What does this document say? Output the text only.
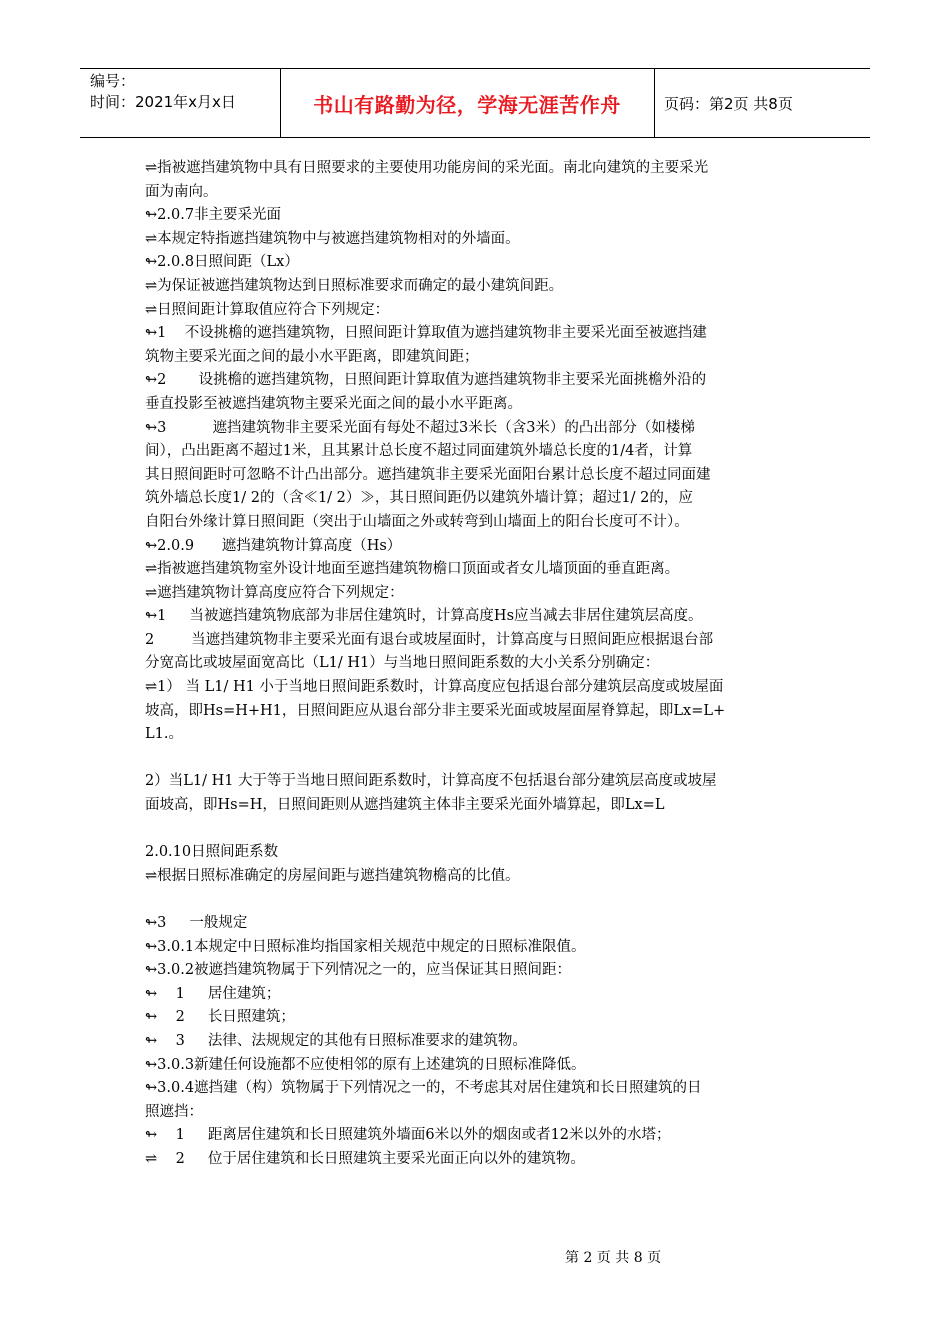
编号：
时间：2021年x月x日	书山有路勤为径，学海无涯苦作舟	页码：第2页 共8页
⇌指被遮挡建筑物中具有日照要求的主要使用功能房间的采光面。南北向建筑的主要采光
面为南向。
↬2.0.7非主要采光面
⇌本规定特指遮挡建筑物中与被遮挡建筑物相对的外墙面。
↬2.0.8日照间距（Lx）
⇌为保证被遮挡建筑物达到日照标准要求而确定的最小建筑间距。
⇌日照间距计算取值应符合下列规定：
↬1    不设挑檐的遮挡建筑物，日照间距计算取值为遮挡建筑物非主要采光面至被遮挡建
筑物主要采光面之间的最小水平距离，即建筑间距；
↬2       设挑檐的遮挡建筑物，日照间距计算取值为遮挡建筑物非主要采光面挑檐外沿的
垂直投影至被遮挡建筑物主要采光面之间的最小水平距离。
↬3          遮挡建筑物非主要采光面有每处不超过3米长（含3米）的凸出部分（如楼梯
间），凸出距离不超过1米，且其累计总长度不超过同面建筑外墙总长度的1/4者，计算
其日照间距时可忽略不计凸出部分。遮挡建筑非主要采光面阳台累计总长度不超过同面建
筑外墙总长度1/ 2的（含≪1/ 2）≫，其日照间距仍以建筑外墙计算；超过1/ 2的，应
自阳台外缘计算日照间距（突出于山墙面之外或转弯到山墙面上的阳台长度可不计）。
↬2.0.9      遮挡建筑物计算高度（Hs）
⇌指被遮挡建筑物室外设计地面至遮挡建筑物檐口顶面或者女儿墙顶面的垂直距离。
⇌遮挡建筑物计算高度应符合下列规定：
↬1     当被遮挡建筑物底部为非居住建筑时，计算高度Hs应当减去非居住建筑层高度。
2        当遮挡建筑物非主要采光面有退台或坡屋面时，计算高度与日照间距应根据退台部
分宽高比或坡屋面宽高比（L1/ H1）与当地日照间距系数的大小关系分别确定：
⇌1） 当 L1/ H1 小于当地日照间距系数时，计算高度应包括退台部分建筑层高度或坡屋面
坡高，即Hs=H+H1，日照间距应从退台部分非主要采光面或坡屋面屋脊算起，即Lx=L+
L1.。
2）当L1/ H1 大于等于当地日照间距系数时，计算高度不包括退台部分建筑层高度或坡屋
面坡高，即Hs=H，日照间距则从遮挡建筑主体非主要采光面外墙算起，即Lx=L
2.0.10日照间距系数
⇌根据日照标准确定的房屋间距与遮挡建筑物檐高的比值。
↬3     一般规定
↬3.0.1本规定中日照标准均指国家相关规范中规定的日照标准限值。
↬3.0.2被遮挡建筑物属于下列情况之一的，应当保证其日照间距：
↬    1     居住建筑；
↬    2     长日照建筑；
↬    3     法律、法规规定的其他有日照标准要求的建筑物。
↬3.0.3新建任何设施都不应使相邻的原有上述建筑的日照标准降低。
↬3.0.4遮挡建（构）筑物属于下列情况之一的，不考虑其对居住建筑和长日照建筑的日
照遮挡：
↬    1     距离居住建筑和长日照建筑外墙面6米以外的烟囱或者12米以外的水塔；
⇌    2     位于居住建筑和长日照建筑主要采光面正向以外的建筑物。
第 2 页 共 8 页
